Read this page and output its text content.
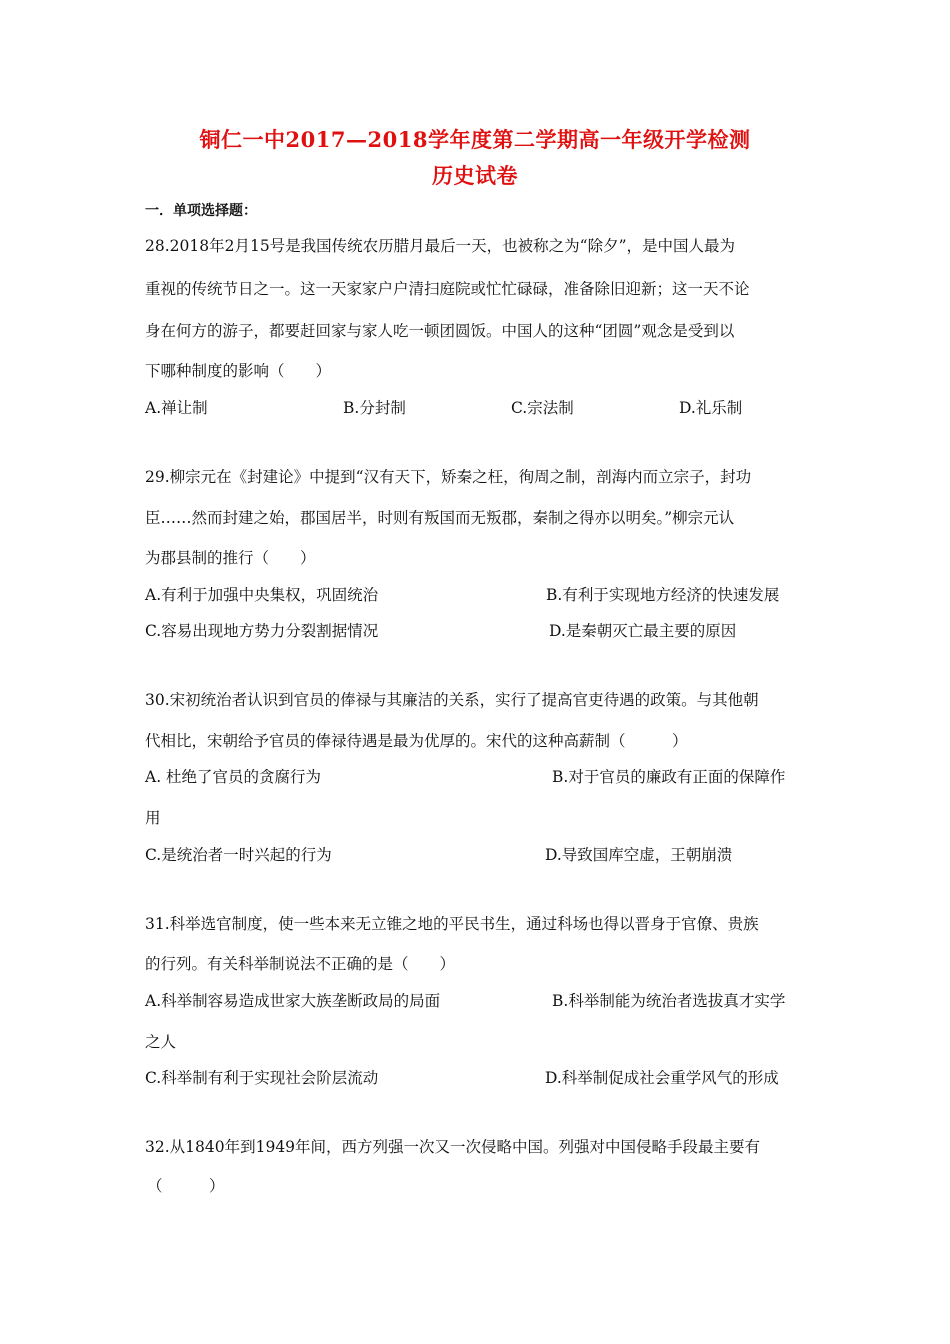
铜仁一中2017—2018学年度第二学期高一年级开学检测
历史试卷
一．单项选择题：
28.2018年2月15号是我国传统农历腊月最后一天，也被称之为“除夕”，是中国人最为
重视的传统节日之一。这一天家家户户清扫庭院或忙忙碌碌，准备除旧迎新；这一天不论
身在何方的游子，都要赶回家与家人吃一顿团圆饭。中国人的这种“团圆”观念是受到以
下哪种制度的影响（　　）
A.禅让制	B.分封制	C.宗法制	D.礼乐制
29.柳宗元在《封建论》中提到“汉有天下，矫秦之枉，徇周之制，剖海内而立宗子，封功
臣……然而封建之始，郡国居半，时则有叛国而无叛郡，秦制之得亦以明矣。”柳宗元认
为郡县制的推行（　　）
A.有利于加强中央集权，巩固统治	B.有利于实现地方经济的快速发展
C.容易出现地方势力分裂割据情况	D.是秦朝灭亡最主要的原因
30.宋初统治者认识到官员的俸禄与其廉洁的关系，实行了提高官吏待遇的政策。与其他朝
代相比，宋朝给予官员的俸禄待遇是最为优厚的。宋代的这种高薪制（　　　）
A. 杜绝了官员的贪腐行为	B.对于官员的廉政有正面的保障作
用
C.是统治者一时兴起的行为	D.导致国库空虚，王朝崩溃
31.科举选官制度，使一些本来无立锥之地的平民书生，通过科场也得以晋身于官僚、贵族
的行列。有关科举制说法不正确的是（　　）
A.科举制容易造成世家大族垄断政局的局面	B.科举制能为统治者选拔真才实学
之人
C.科举制有利于实现社会阶层流动	D.科举制促成社会重学风气的形成
32.从1840年到1949年间，西方列强一次又一次侵略中国。列强对中国侵略手段最主要有
（　　　）
